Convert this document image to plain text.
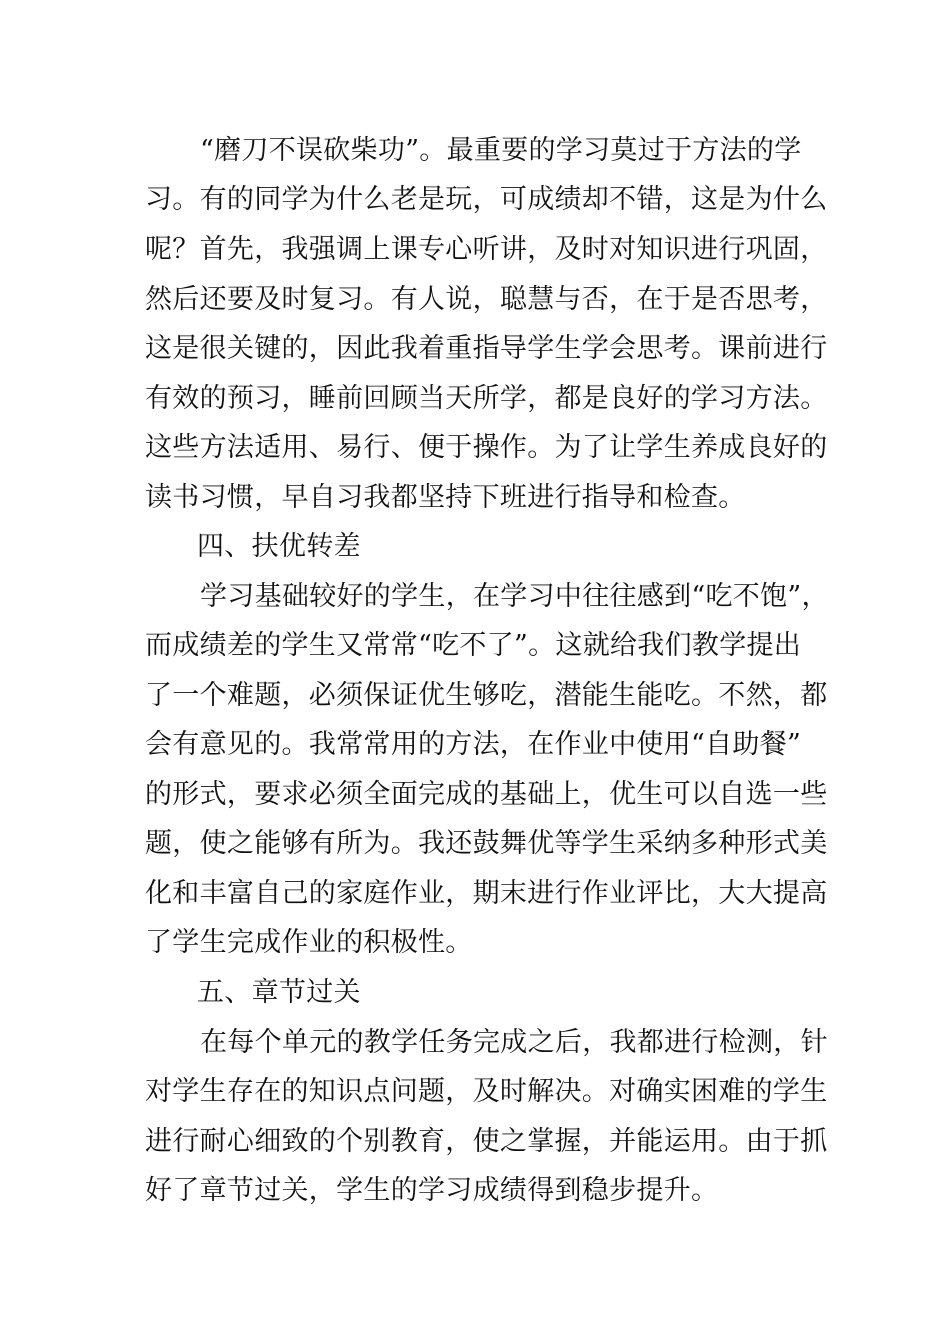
“磨刀不误砍柴功”。最重要的学习莫过于方法的学
习。有的同学为什么老是玩，可成绩却不错，这是为什么
呢？首先，我强调上课专心听讲，及时对知识进行巩固，
然后还要及时复习。有人说，聪慧与否，在于是否思考，
这是很关键的，因此我着重指导学生学会思考。课前进行
有效的预习，睡前回顾当天所学，都是良好的学习方法。
这些方法适用、易行、便于操作。为了让学生养成良好的
读书习惯，早自习我都坚持下班进行指导和检查。
四、扶优转差
学习基础较好的学生，在学习中往往感到“吃不饱”，
而成绩差的学生又常常“吃不了”。这就给我们教学提出
了一个难题，必须保证优生够吃，潜能生能吃。不然，都
会有意见的。我常常用的方法，在作业中使用“自助餐”
的形式，要求必须全面完成的基础上，优生可以自选一些
题，使之能够有所为。我还鼓舞优等学生采纳多种形式美
化和丰富自己的家庭作业，期末进行作业评比，大大提高
了学生完成作业的积极性。
五、章节过关
在每个单元的教学任务完成之后，我都进行检测，针
对学生存在的知识点问题，及时解决。对确实困难的学生
进行耐心细致的个别教育，使之掌握，并能运用。由于抓
好了章节过关，学生的学习成绩得到稳步提升。
